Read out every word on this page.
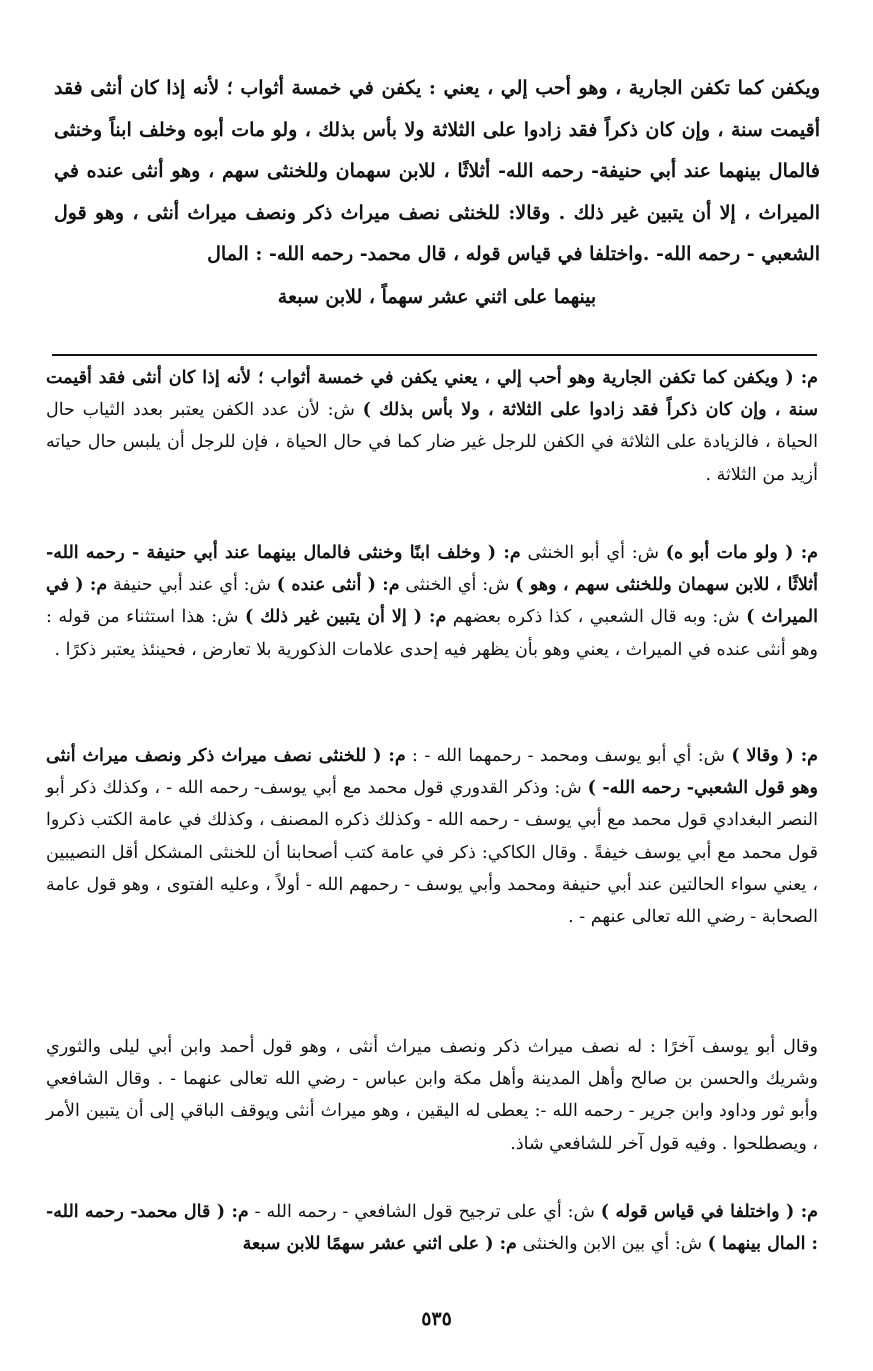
ويكفن كما تكفن الجارية ، وهو أحب إلي ، يعني : يكفن في خمسة أثواب ؛ لأنه إذا كان أنثى فقد أقيمت سنة ، وإن كان ذكراً فقد زادوا على الثلاثة ولا بأس بذلك ، ولو مات أبوه وخلف ابناً وخنثى فالمال بينهما عند أبي حنيفة- رحمه الله- أثلاثًا ، للابن سهمان وللخنثى سهم ، وهو أنثى عنده في الميراث ، إلا أن يتبين غير ذلك . وقالا: للخنثى نصف ميراث ذكر ونصف ميراث أنثى ، وهو قول الشعبي - رحمه الله- .واختلفا في قياس قوله ، قال محمد- رحمه الله- : المال
بينهما على اثني عشر سهماً ، للابن سبعة

م: ( ويكفن كما تكفن الجارية وهو أحب إلي ، يعني يكفن في خمسة أثواب ؛ لأنه إذا كان أنثى فقد أقيمت سنة ، وإن كان ذكراً فقد زادوا على الثلاثة ، ولا بأس بذلك ) ش: لأن عدد الكفن يعتبر بعدد الثياب حال الحياة ، فالزيادة على الثلاثة في الكفن للرجل غير ضار كما في حال الحياة ، فإن للرجل أن يلبس حال حياته أزيد من الثلاثة .

م: ( ولو مات أبو ه) ش: أي أبو الخنثى م: ( وخلف ابنًا وخنثى فالمال بينهما عند أبي حنيفة - رحمه الله- أثلاثًا ، للابن سهمان وللخنثى سهم ، وهو ) ش: أي الخنثى م: ( أنثى عنده ) ش: أي عند أبي حنيفة م: ( في الميراث ) ش: وبه قال الشعبي ، كذا ذكره بعضهم م: ( إلا أن يتبين غير ذلك ) ش: هذا استثناء من قوله : وهو أنثى عنده في الميراث ، يعني وهو بأن يظهر فيه إحدى علامات الذكورية بلا تعارض ، فحينئذ يعتبر ذكرًا .

م: ( وقالا ) ش: أي أبو يوسف ومحمد - رحمهما الله - : م: ( للخنثى نصف ميراث ذكر ونصف ميراث أنثى وهو قول الشعبي- رحمه الله- ) ش: وذكر القدوري قول محمد مع أبي يوسف- رحمه الله - ، وكذلك ذكر أبو النصر البغدادي قول محمد مع أبي يوسف - رحمه الله - وكذلك ذكره المصنف ، وكذلك في عامة الكتب ذكروا قول محمد مع أبي يوسف خيفةً . وقال الكاكي: ذكر في عامة كتب أصحابنا أن للخنثى المشكل أقل النصيبين ، يعني سواء الحالتين عند أبي حنيفة ومحمد وأبي يوسف - رحمهم الله - أولاً ، وعليه الفتوى ، وهو قول عامة الصحابة - رضي الله تعالى عنهم - .

وقال أبو يوسف آخرًا : له نصف ميراث ذكر ونصف ميراث أنثى ، وهو قول أحمد وابن أبي ليلى والثوري وشريك والحسن بن صالح وأهل المدينة وأهل مكة وابن عباس - رضي الله تعالى عنهما - . وقال الشافعي وأبو ثور وداود وابن جرير - رحمه الله -: يعطى له اليقين ، وهو ميراث أنثى ويوقف الباقي إلى أن يتبين الأمر ، ويصطلحوا . وفيه قول آخر للشافعي شاذ.

م: ( واختلفا في قياس قوله ) ش: أي على ترجيح قول الشافعي - رحمه الله - م: ( قال محمد- رحمه الله- : المال بينهما ) ش: أي بين الابن والخنثى م: ( على اثني عشر سهمًا للابن سبعة

٥٣٥
